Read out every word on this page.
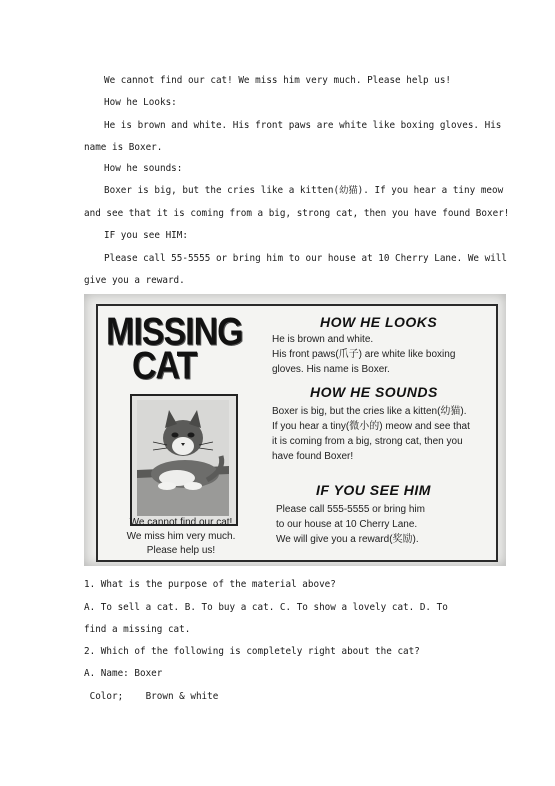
We cannot find our cat! We miss him very much. Please help us!
How he Looks:
He is brown and white. His front paws are white like boxing gloves. His
name is Boxer.
How he sounds:
Boxer is big, but the cries like a kitten(幼猫). If you hear a tiny meow
and see that it is coming from a big, strong cat, then you have found Boxer!
IF you see HIM:
Please call 55-5555 or bring him to our house at 10 Cherry Lane. We will
give you a reward.
MISSING
CAT
HOW HE LOOKS
He is brown and white.
His front paws(爪子) are white like boxing
gloves. His name is Boxer.
HOW HE SOUNDS
Boxer is big, but the cries like a kitten(幼猫).
If you hear a tiny(微小的) meow and see that
it is coming from a big, strong cat, then you
have found Boxer!
IF YOU SEE HIM
Please call 555-5555 or bring him
to our house at 10 Cherry Lane.
We will give you a reward(奖励).
We cannot find our cat!
We miss him very much.
Please help us!
1. What is the purpose of the material above?
A. To sell a cat. B. To buy a cat. C. To show a lovely cat. D. To
find a missing cat.
2. Which of the following is completely right about the cat?
A. Name: Boxer
Color;    Brown & white
